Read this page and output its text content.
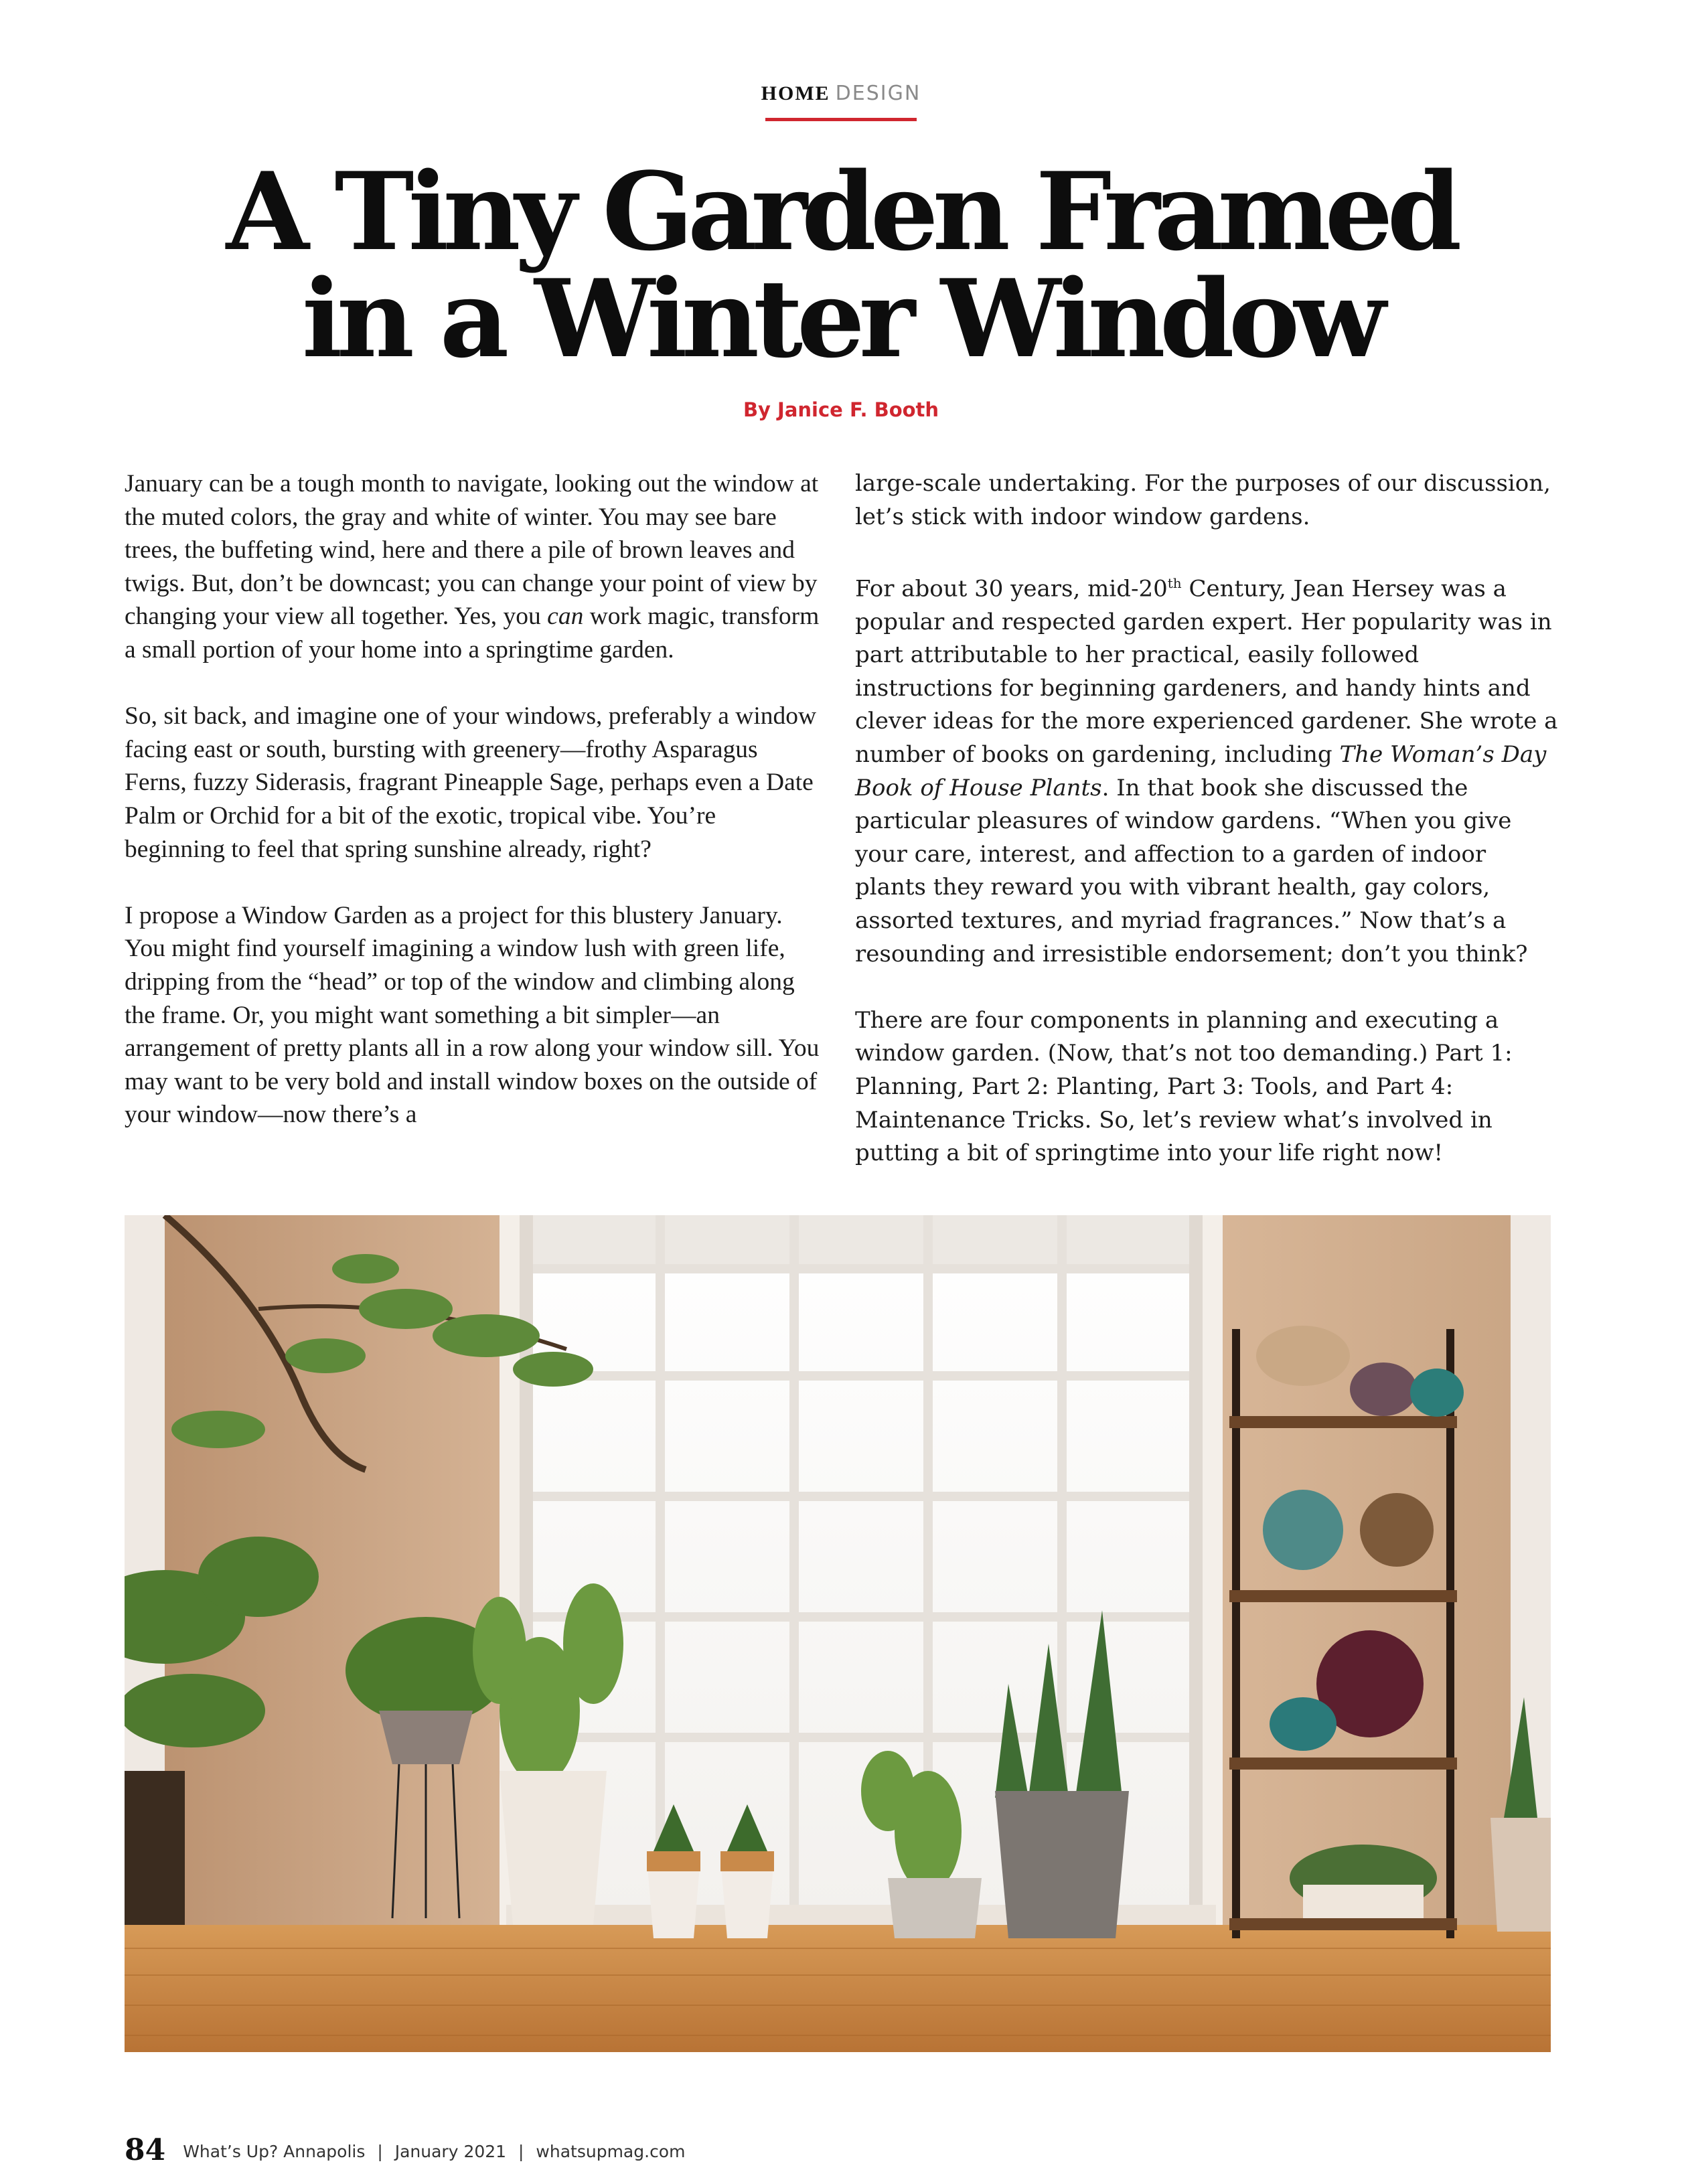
HOME DESIGN
A Tiny Garden Framed
in a Winter Window
By Janice F. Booth

January can be a tough month to navigate, looking out the window at the muted colors, the gray and white of winter. You may see bare trees, the buffeting wind, here and there a pile of brown leaves and twigs. But, don’t be downcast; you can change your point of view by changing your view all together. Yes, you can work magic, transform a small portion of your home into a springtime garden.

So, sit back, and imagine one of your windows, preferably a window facing east or south, bursting with greenery—frothy Asparagus Ferns, fuzzy Siderasis, fragrant Pineapple Sage, perhaps even a Date Palm or Orchid for a bit of the exotic, tropical vibe. You’re beginning to feel that spring sunshine already, right?

I propose a Window Garden as a project for this blustery January. You might find yourself imagining a window lush with green life, dripping from the “head” or top of the window and climbing along the frame. Or, you might want something a bit simpler—an arrangement of pretty plants all in a row along your window sill. You may want to be very bold and install window boxes on the outside of your window—now there’s a

large-scale undertaking. For the purposes of our discussion, let’s stick with indoor window gardens.

For about 30 years, mid-20th Century, Jean Hersey was a popular and respected garden expert. Her popularity was in part attributable to her practical, easily followed instructions for beginning gardeners, and handy hints and clever ideas for the more experienced gardener. She wrote a number of books on gardening, including The Woman’s Day Book of House Plants. In that book she discussed the particular pleasures of window gardens. “When you give your care, interest, and affection to a garden of indoor plants they reward you with vibrant health, gay colors, assorted textures, and myriad fragrances.” Now that’s a resounding and irresistible endorsement; don’t you think?

There are four components in planning and executing a window garden. (Now, that’s not too demanding.) Part 1: Planning, Part 2: Planting, Part 3: Tools, and Part 4: Maintenance Tricks. So, let’s review what’s involved in putting a bit of springtime into your life right now!

84 What’s Up? Annapolis | January 2021 | whatsupmag.com
